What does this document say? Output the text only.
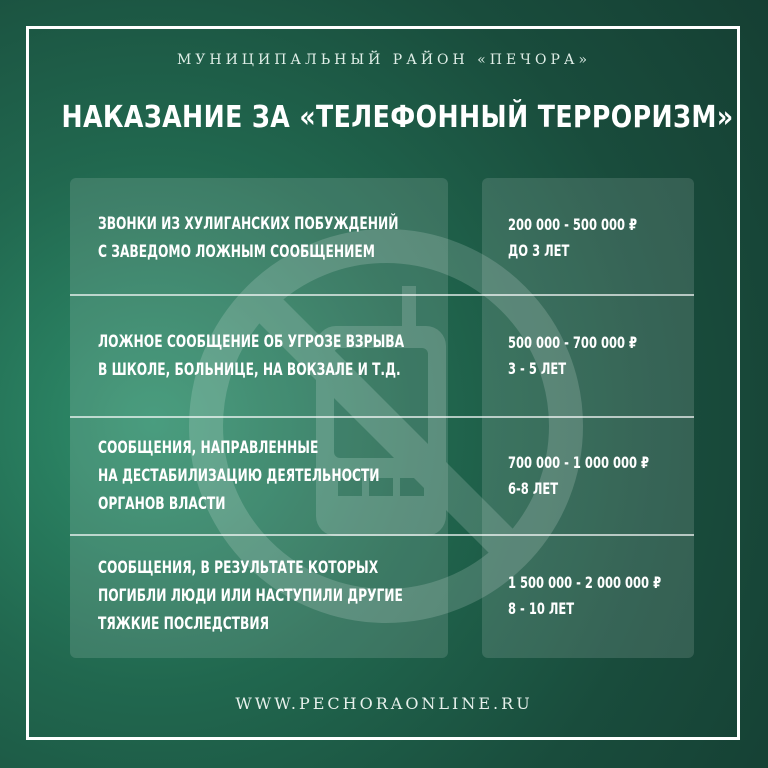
МУНИЦИПАЛЬНЫЙ РАЙОН «ПЕЧОРА»
НАКАЗАНИЕ ЗА «ТЕЛЕФОННЫЙ ТЕРРОРИЗМ»
ЗВОНКИ ИЗ ХУЛИГАНСКИХ ПОБУЖДЕНИЙ
С ЗАВЕДОМО ЛОЖНЫМ СООБЩЕНИЕМ
200 000 - 500 000 ₽
ДО 3 ЛЕТ
ЛОЖНОЕ СООБЩЕНИЕ ОБ УГРОЗЕ ВЗРЫВА
В ШКОЛЕ, БОЛЬНИЦЕ, НА ВОКЗАЛЕ И Т.Д.
500 000 - 700 000 ₽
3 - 5 ЛЕТ
СООБЩЕНИЯ, НАПРАВЛЕННЫЕ
НА ДЕСТАБИЛИЗАЦИЮ ДЕЯТЕЛЬНОСТИ
ОРГАНОВ ВЛАСТИ
700 000 - 1 000 000 ₽
6-8 ЛЕТ
СООБЩЕНИЯ, В РЕЗУЛЬТАТЕ КОТОРЫХ
ПОГИБЛИ ЛЮДИ ИЛИ НАСТУПИЛИ ДРУГИЕ
ТЯЖКИЕ ПОСЛЕДСТВИЯ
1 500 000 - 2 000 000 ₽
8 - 10 ЛЕТ
WWW.PECHORAONLINE.RU
